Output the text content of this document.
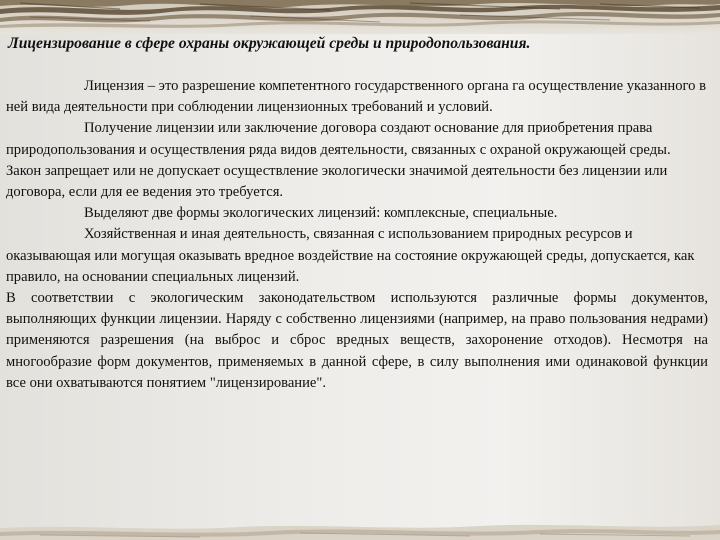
Лицензирование в сфере охраны окружающей среды и природопользования.

Лицензия – это разрешение компетентного государственного органа га осуществление указанного в ней вида деятельности при соблюдении лицензионных требований и условий.

Получение лицензии или заключение договора создают основание для приобретения права природопользования и осуществления ряда видов деятельности, связанных с охраной окружающей среды. Закон запрещает или не допускает осуществление экологически значимой деятельности без лицензии или договора, если для ее ведения это требуется.

Выделяют две формы экологических лицензий: комплексные, специальные.

Хозяйственная и иная деятельность, связанная с использованием природных ресурсов и оказывающая или могущая оказывать вредное воздействие на состояние окружающей среды, допускается, как правило, на основании специальных лицензий.

В соответствии с экологическим законодательством используются различные формы документов, выполняющих функции лицензии. Наряду с собственно лицензиями (например, на право пользования недрами) применяются разрешения (на выброс и сброс вредных веществ, захоронение отходов). Несмотря на многообразие форм документов, применяемых в данной сфере, в силу выполнения ими одинаковой функции все они охватываются понятием "лицензирование".
